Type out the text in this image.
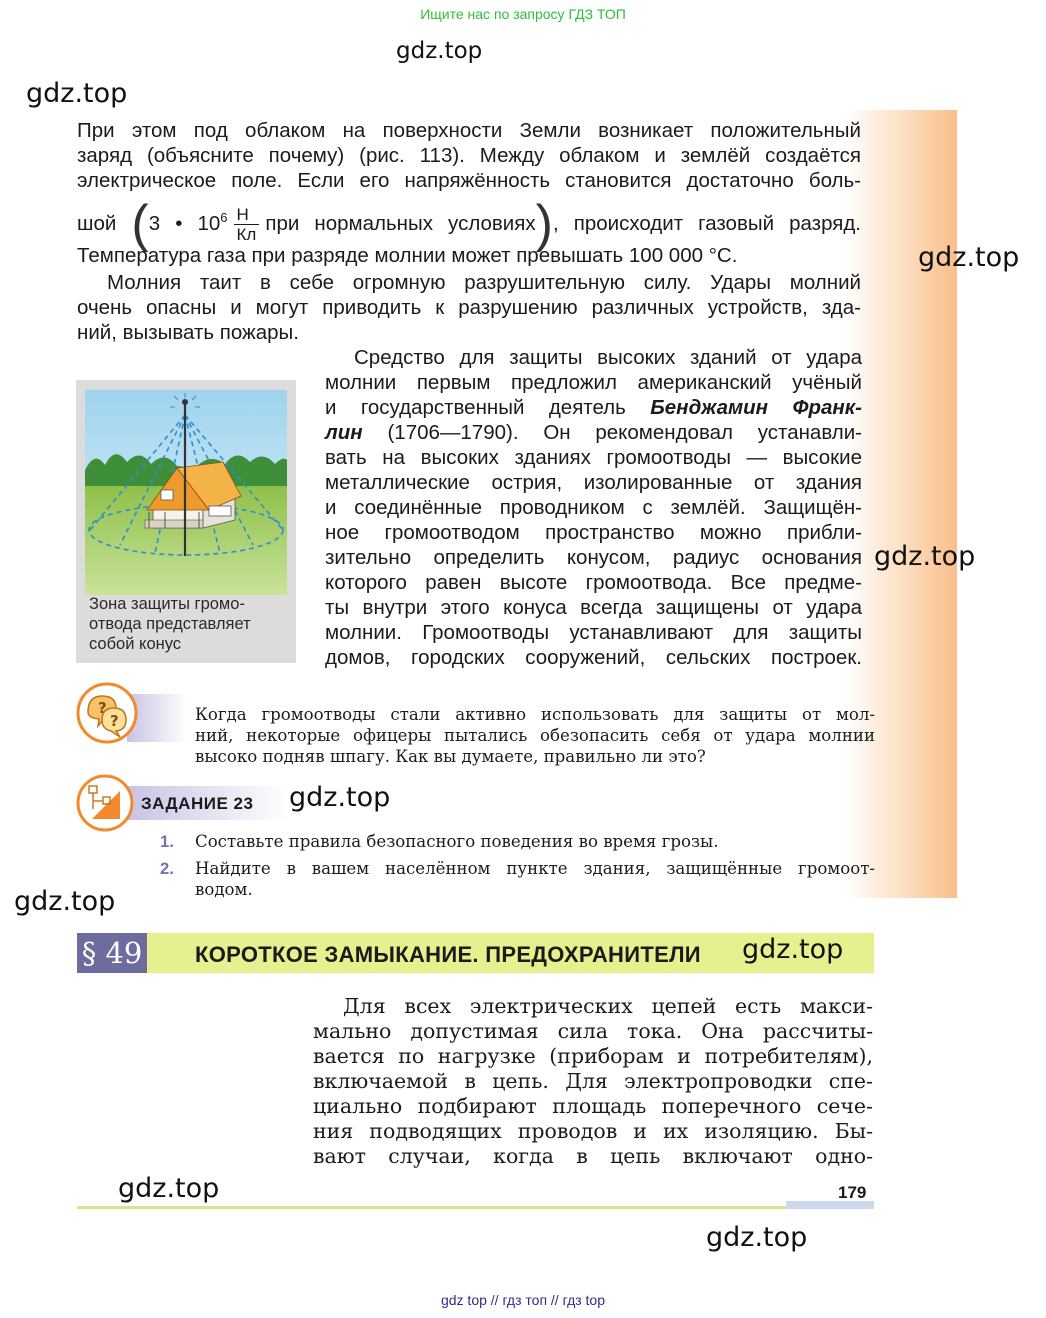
Ищите нас по запросу ГДЗ ТОП
При этом под облаком на поверхности Земли возникает положительный
заряд (объясните почему) (рис. 113). Между облаком и землёй создаётся
электрическое поле. Если его напряжённость становится достаточно боль-
шой (3 • $10^6 \frac{Н}{Кл}$ при нормальных условиях), происходит газовый разряд.
Температура газа при разряде молнии может превышать 100 000 °C.
Молния таит в себе огромную разрушительную силу. Удары молний
очень опасны и могут приводить к разрушению различных устройств, зда-
ний, вызывать пожары.
Средство для защиты высоких зданий от удара
молнии первым предложил американский учёный
и государственный деятель Бенджамин Франк-
лин (1706—1790). Он рекомендовал устанавли-
вать на высоких зданиях громоотводы — высокие
металлические острия, изолированные от здания
и соединённые проводником с землёй. Защищён-
ное громоотводом пространство можно прибли-
зительно определить конусом, радиус основания
которого равен высоте громоотвода. Все предме-
ты внутри этого конуса всегда защищены от удара
молнии. Громоотводы устанавливают для защиты
домов, городских сооружений, сельских построек.
Зона защиты громо-
отвода представляет
собой конус
?
?	Когда громоотводы стали активно использовать для защиты от мол-
ний, некоторые офицеры пытались обезопасить себя от удара молнии
высоко подняв шпагу. Как вы думаете, правильно ли это?
ЗАДАНИЕ 23
1. Составьте правила безопасного поведения во время грозы.
2. Найдите в вашем населённом пункте здания, защищённые громоот-
водом.
§ 49 КОРОТКОЕ ЗАМЫКАНИЕ. ПРЕДОХРАНИТЕЛИ
Для всех электрических цепей есть макси-
мально допустимая сила тока. Она рассчиты-
вается по нагрузке (приборам и потребителям),
включаемой в цепь. Для электропроводки спе-
циально подбирают площадь поперечного сече-
ния подводящих проводов и их изоляцию. Бы-
вают случаи, когда в цепь включают одно-
179
gdz.top
gdz.top
gdz.top
gdz.top
gdz.top
gdz.top
gdz.top
gdz.top
gdz.top
gdz top // гдз топ // гдз top
